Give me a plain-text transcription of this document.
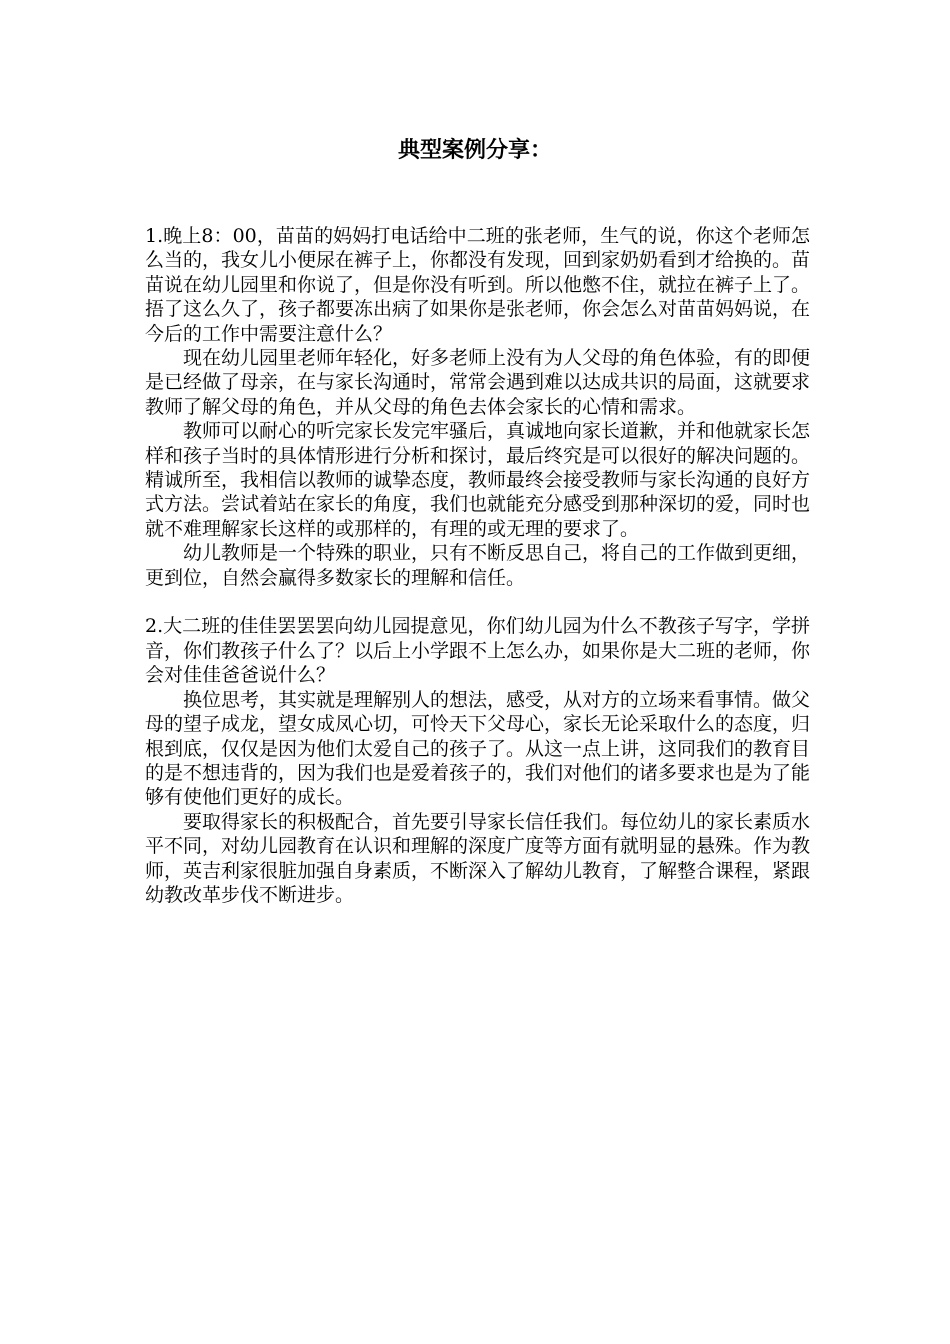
典型案例分享：

1.晚上8：00，苗苗的妈妈打电话给中二班的张老师，生气的说，你这个老师怎么当的，我女儿小便尿在裤子上，你都没有发现，回到家奶奶看到才给换的。苗苗说在幼儿园里和你说了，但是你没有听到。所以他憋不住，就拉在裤子上了。捂了这么久了，孩子都要冻出病了如果你是张老师，你会怎么对苗苗妈妈说，在今后的工作中需要注意什么？

现在幼儿园里老师年轻化，好多老师上没有为人父母的角色体验，有的即便是已经做了母亲，在与家长沟通时，常常会遇到难以达成共识的局面，这就要求教师了解父母的角色，并从父母的角色去体会家长的心情和需求。

教师可以耐心的听完家长发完牢骚后，真诚地向家长道歉，并和他就家长怎样和孩子当时的具体情形进行分析和探讨，最后终究是可以很好的解决问题的。精诚所至，我相信以教师的诚挚态度，教师最终会接受教师与家长沟通的良好方式方法。尝试着站在家长的角度，我们也就能充分感受到那种深切的爱，同时也就不难理解家长这样的或那样的，有理的或无理的要求了。

幼儿教师是一个特殊的职业，只有不断反思自己，将自己的工作做到更细，更到位，自然会赢得多数家长的理解和信任。

2.大二班的佳佳罢罢罢向幼儿园提意见，你们幼儿园为什么不教孩子写字，学拼音，你们教孩子什么了？以后上小学跟不上怎么办，如果你是大二班的老师，你会对佳佳爸爸说什么？

换位思考，其实就是理解别人的想法，感受，从对方的立场来看事情。做父母的望子成龙，望女成凤心切，可怜天下父母心，家长无论采取什么的态度，归根到底，仅仅是因为他们太爱自己的孩子了。从这一点上讲，这同我们的教育目的是不想违背的，因为我们也是爱着孩子的，我们对他们的诸多要求也是为了能够有使他们更好的成长。

要取得家长的积极配合，首先要引导家长信任我们。每位幼儿的家长素质水平不同，对幼儿园教育在认识和理解的深度广度等方面有就明显的悬殊。作为教师，英吉利家很脏加强自身素质，不断深入了解幼儿教育，了解整合课程，紧跟幼教改革步伐不断进步。
